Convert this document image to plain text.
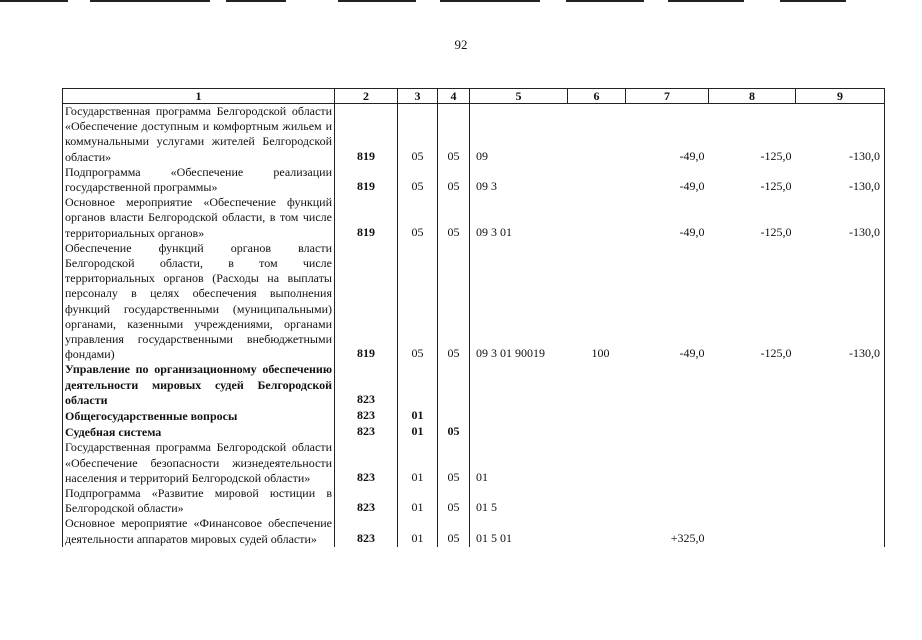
92
1	2	3	4	5	6	7	8	9
Государственная программа Белгородской области «Обеспечение доступным и комфортным жильем и коммунальными услугами жителей Белгородской области»	819	05	05	09		-49,0	-125,0	-130,0
Подпрограмма «Обеспечение реализации государственной программы»	819	05	05	09 3		-49,0	-125,0	-130,0
Основное мероприятие «Обеспечение функций органов власти Белгородской области, в том числе территориальных органов»	819	05	05	09 3 01		-49,0	-125,0	-130,0
Обеспечение функций органов власти Белгородской области, в том числе территориальных органов (Расходы на выплаты персоналу в целях обеспечения выполнения функций государственными (муниципальными) органами, казенными учреждениями, органами управления государственными внебюджетными фондами)	819	05	05	09 3 01 90019	100	-49,0	-125,0	-130,0
Управление по организационному обеспечению деятельности мировых судей Белгородской области	823							
Общегосударственные вопросы	823	01						
Судебная система	823	01	05					
Государственная программа Белгородской области «Обеспечение безопасности жизнедеятельности населения и территорий Белгородской области»	823	01	05	01				
Подпрограмма «Развитие мировой юстиции в Белгородской области»	823	01	05	01 5				
Основное мероприятие «Финансовое обеспечение деятельности аппаратов мировых судей области»	823	01	05	01 5 01		+325,0		
